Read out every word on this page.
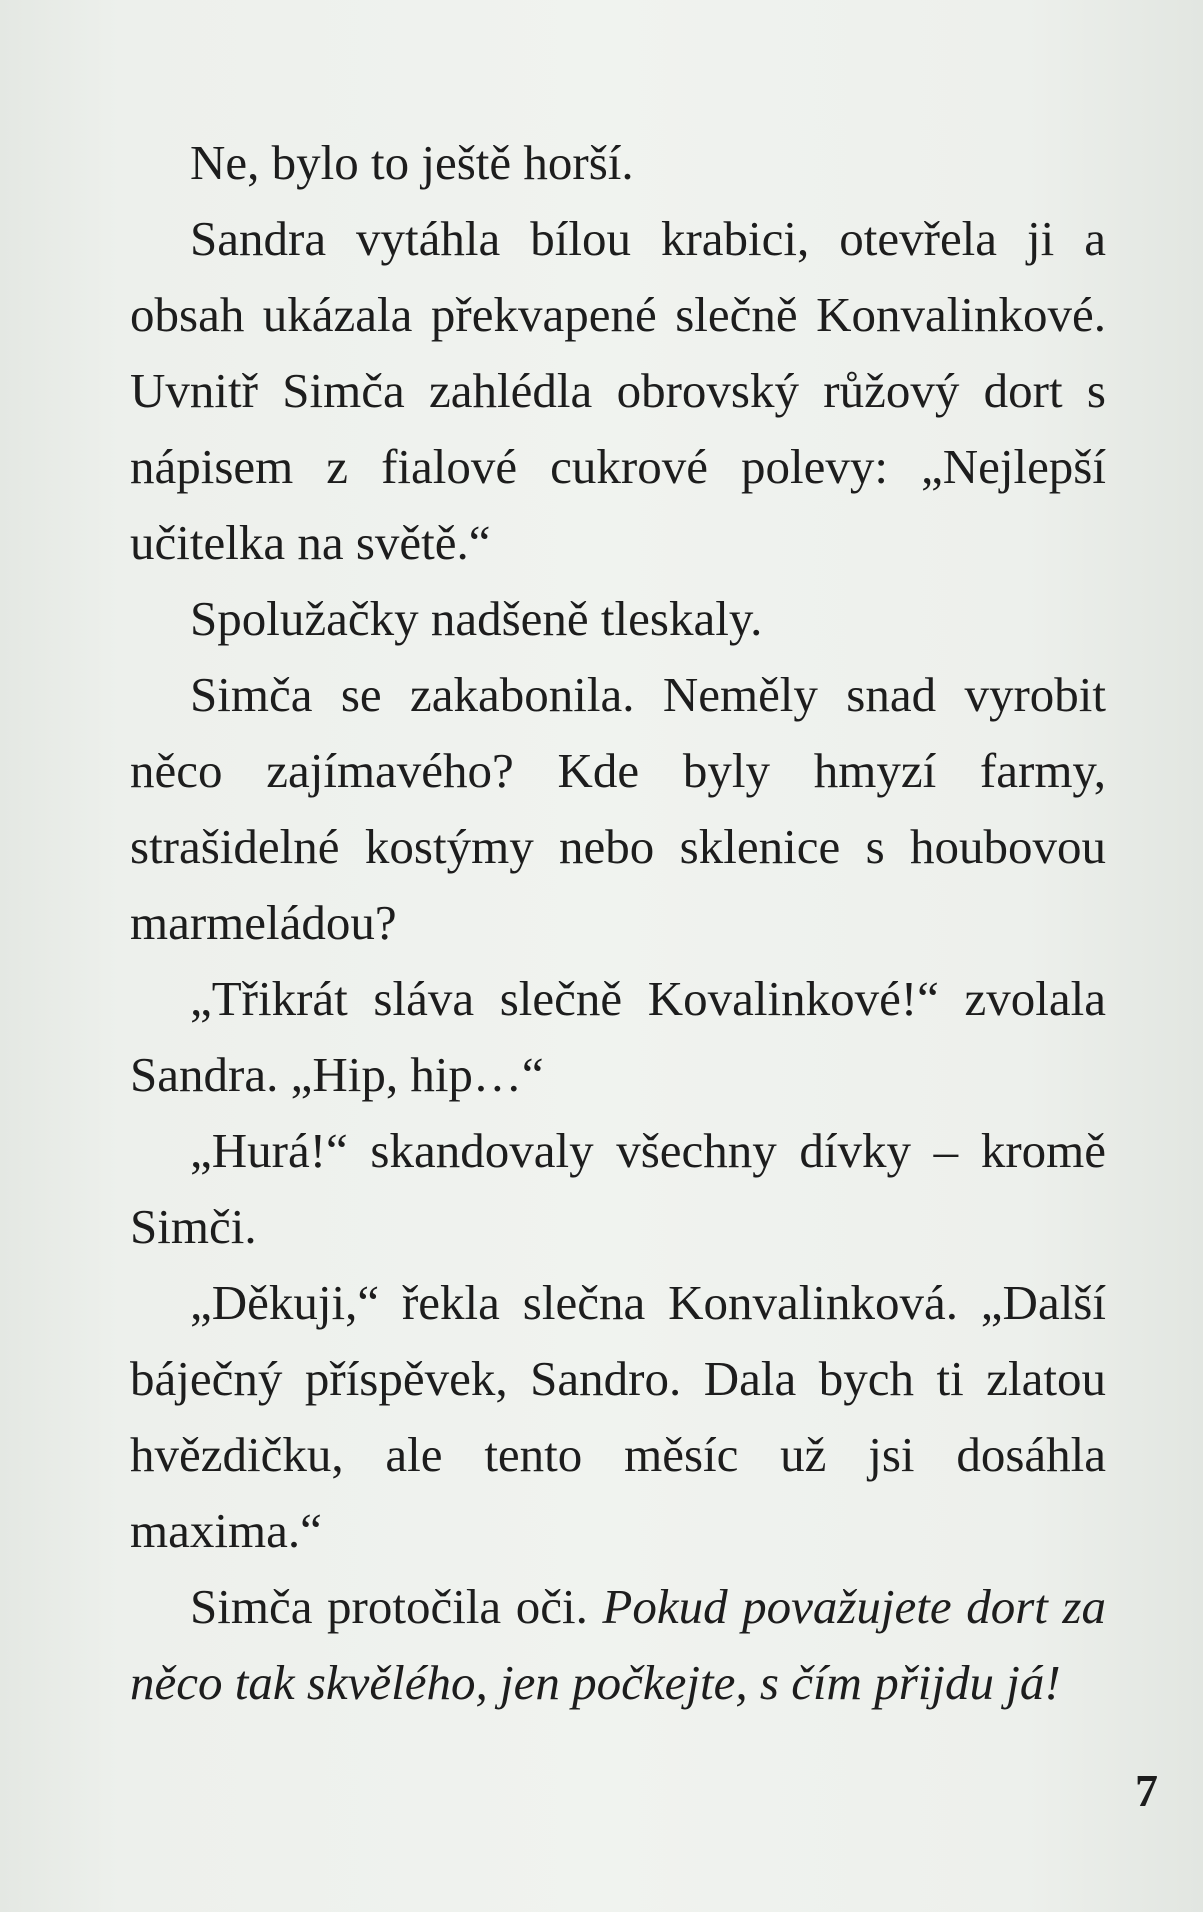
Ne, bylo to ještě horší.

Sandra vytáhla bílou krabici, otevřela ji a obsah ukázala překvapené slečně Konvalinkové. Uvnitř Simča zahlédla obrovský růžový dort s nápisem z fialové cukrové polevy: „Nejlepší učitelka na světě.“

Spolužačky nadšeně tleskaly.

Simča se zakabonila. Neměly snad vyrobit něco zajímavého? Kde byly hmyzí farmy, strašidelné kostýmy nebo sklenice s houbovou marmeládou?

„Třikrát sláva slečně Kovalinkové!“ zvolala Sandra. „Hip, hip…“

„Hurá!“ skandovaly všechny dívky – kromě Simči.

„Děkuji,“ řekla slečna Konvalinková. „Další báječný příspěvek, Sandro. Dala bych ti zlatou hvězdičku, ale tento měsíc už jsi dosáhla maxima.“

Simča protočila oči. Pokud považujete dort za něco tak skvělého, jen počkejte, s čím přijdu já!

7
